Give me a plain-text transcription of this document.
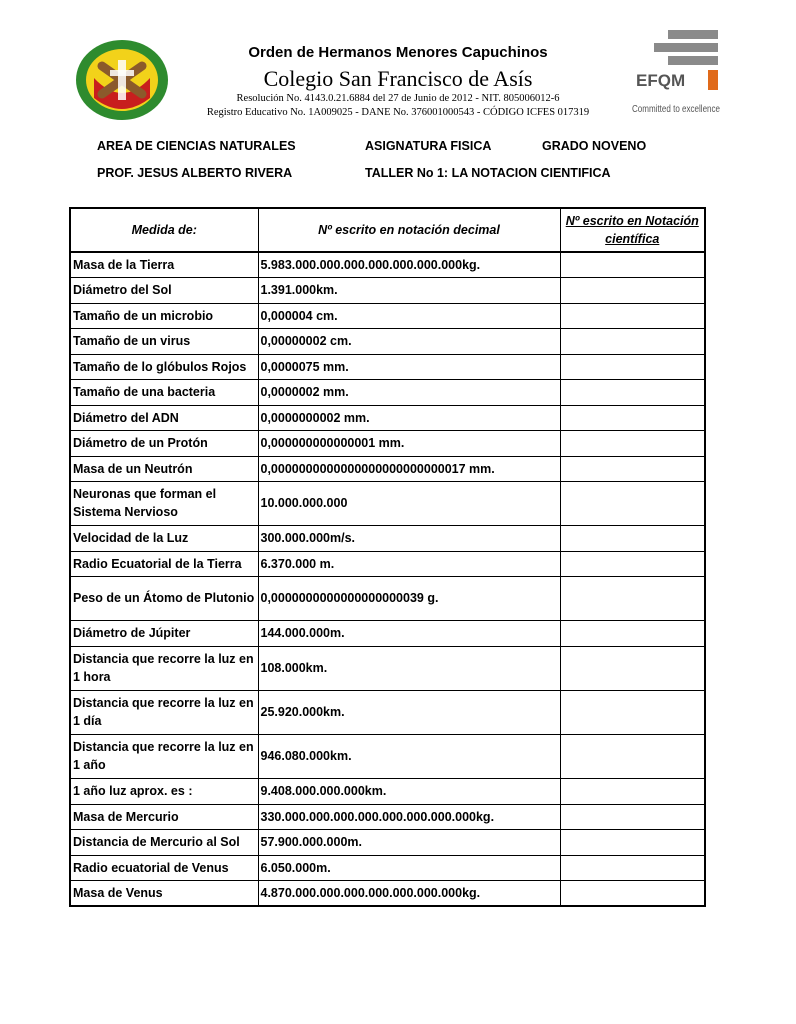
Orden de Hermanos Menores Capuchinos
Colegio San Francisco de Asís
Resolución No. 4143.0.21.6884 del 27 de Junio de 2012 - NIT. 805006012-6
Registro Educativo No. 1A009025 - DANE No. 376001000543 - CÓDIGO ICFES 017319
EFQM
Committed to excellence
AREA DE CIENCIAS NATURALES	ASIGNATURA FISICA	GRADO NOVENO
PROF. JESUS ALBERTO RIVERA	TALLER No 1: LA NOTACION CIENTIFICA
Medida de:	Nº escrito en notación decimal	Nº escrito en Notación científica
Masa de la Tierra	5.983.000.000.000.000.000.000.000kg.	
Diámetro del Sol	1.391.000km.	
Tamaño de un microbio	0,000004 cm.	
Tamaño de un virus	0,00000002 cm.	
Tamaño de lo glóbulos Rojos	0,0000075 mm.	
Tamaño de una bacteria	0,0000002 mm.	
Diámetro del ADN	0,0000000002 mm.	
Diámetro de un Protón	0,000000000000001 mm.	
Masa de un Neutrón	0,0000000000000000000000000017 mm.	
Neuronas que forman el Sistema Nervioso	10.000.000.000	
Velocidad de la Luz	300.000.000m/s.	
Radio Ecuatorial de la Tierra	6.370.000 m.	
Peso de un Átomo de Plutonio	0,0000000000000000000039 g.	
Diámetro de Júpiter	144.000.000m.	
Distancia que recorre la luz en 1 hora	108.000km.	
Distancia que recorre la luz en 1 día	25.920.000km.	
Distancia que recorre la luz en 1 año	946.080.000km.	
1 año luz aprox. es :	9.408.000.000.000km.	
Masa de Mercurio	330.000.000.000.000.000.000.000.000kg.	
Distancia de Mercurio al Sol	57.900.000.000m.	
Radio ecuatorial de Venus	6.050.000m.	
Masa de Venus	4.870.000.000.000.000.000.000.000kg.	
